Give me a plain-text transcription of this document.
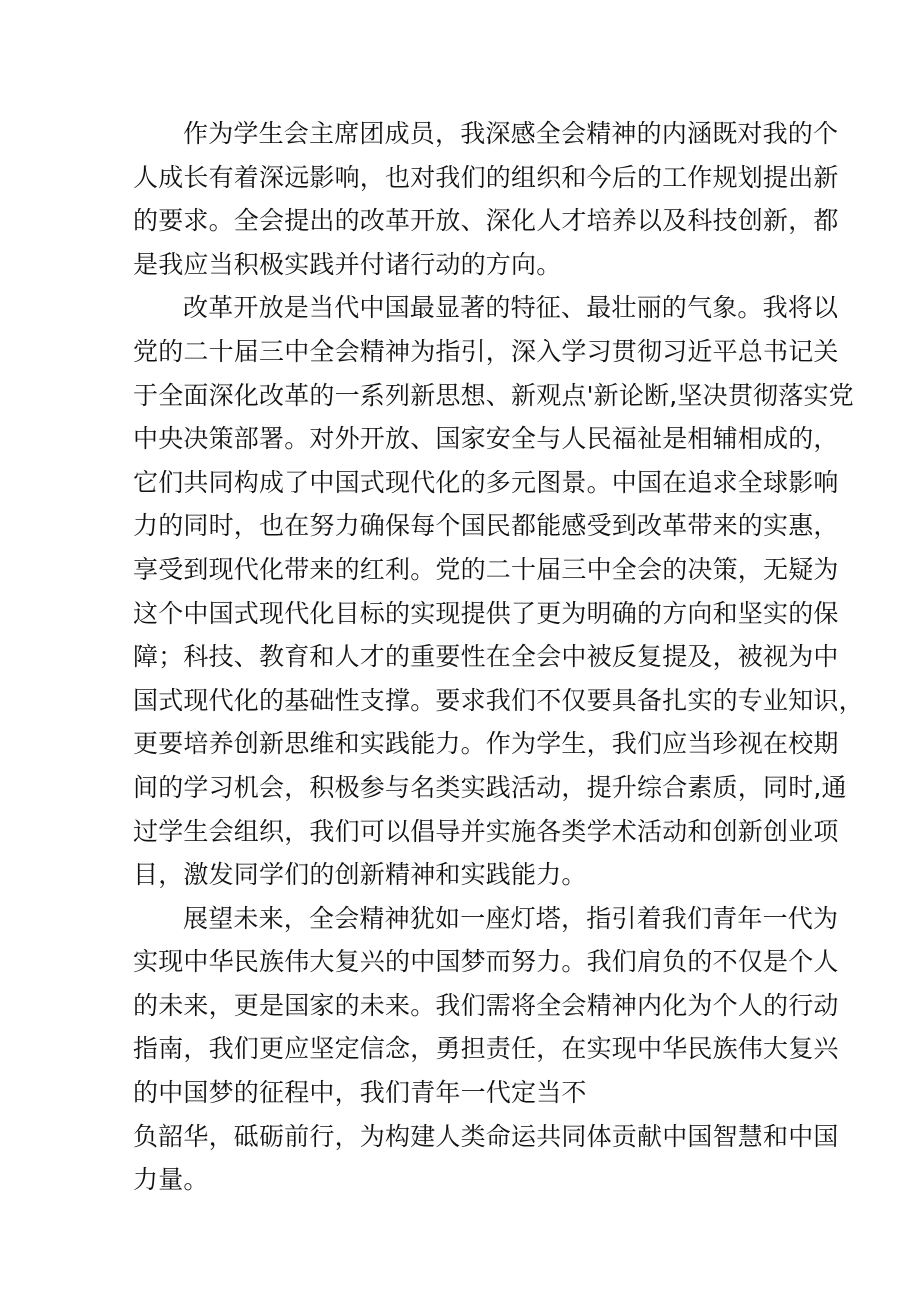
作为学生会主席团成员，我深感全会精神的内涵既对我的个
人成长有着深远影响，也对我们的组织和今后的工作规划提出新
的要求。全会提出的改革开放、深化人才培养以及科技创新，都
是我应当积极实践并付诸行动的方向。
改革开放是当代中国最显著的特征、最壮丽的气象。我将以
党的二十届三中全会精神为指引，深入学习贯彻习近平总书记关
于全面深化改革的一系列新思想、新观点'新论断,坚决贯彻落实党
中央决策部署。对外开放、国家安全与人民福祉是相辅相成的，
它们共同构成了中国式现代化的多元图景。中国在追求全球影响
力的同时，也在努力确保每个国民都能感受到改革带来的实惠，
享受到现代化带来的红利。党的二十届三中全会的决策，无疑为
这个中国式现代化目标的实现提供了更为明确的方向和坚实的保
障；科技、教育和人才的重要性在全会中被反复提及，被视为中
国式现代化的基础性支撑。要求我们不仅要具备扎实的专业知识，
更要培养创新思维和实践能力。作为学生，我们应当珍视在校期
间的学习机会，积极参与名类实践活动，提升综合素质，同时,通
过学生会组织，我们可以倡导并实施各类学术活动和创新创业项
目，激发同学们的创新精神和实践能力。
展望未来，全会精神犹如一座灯塔，指引着我们青年一代为
实现中华民族伟大复兴的中国梦而努力。我们肩负的不仅是个人
的未来，更是国家的未来。我们需将全会精神内化为个人的行动
指南，我们更应坚定信念，勇担责任，在实现中华民族伟大复兴
的中国梦的征程中，我们青年一代定当不
负韶华，砥砺前行，为构建人类命运共同体贡献中国智慧和中国
力量。
